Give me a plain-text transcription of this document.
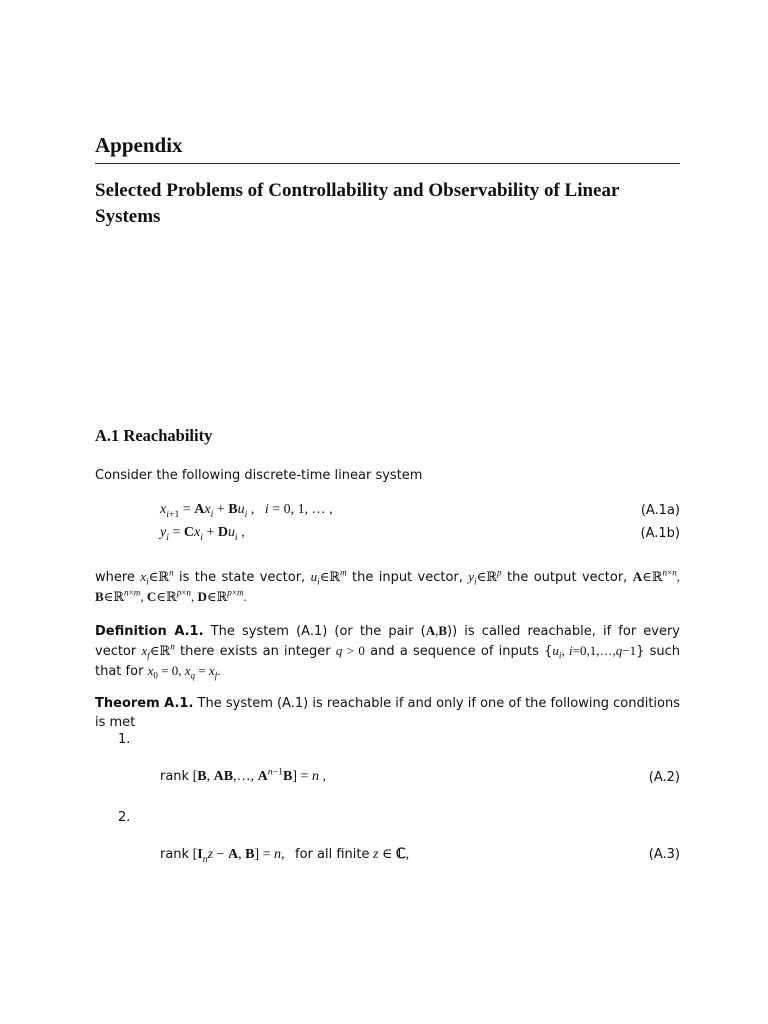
Appendix
Selected Problems of Controllability and Observability of Linear Systems
A.1 Reachability
Consider the following discrete-time linear system
$x_{i+1} = Ax_i + Bu_i$ ,   i = 0, 1, … ,	(A.1a)
$y_i = Cx_i + Du_i$ ,	(A.1b)
where $x_i\in ℝ^n$ is the state vector, $u_i\in ℝ^m$ the input vector, $y_i\in ℝ^p$ the output vector, A∈ℝ$^{n\times n}$, B∈ℝ$^{n\times m}$, C∈ℝ$^{p\times n}$, D∈ℝ$^{p\times m}$.
Definition A.1. The system (A.1) (or the pair (A,B)) is called reachable, if for every vector $x_f\in ℝ^n$ there exists an integer q > 0 and a sequence of inputs {$u_i$, i=0,1,…,q−1} such that for $x_0 = 0$, $x_q = x_f$.
Theorem A.1. The system (A.1) is reachable if and only if one of the following conditions is met
1.
rank [B, AB,…, $A^{n-1}B] = n$ ,	(A.2)
2.
rank [$I_nz - A$, B] = n,   for all finite z ∈ ℂ,	(A.3)
